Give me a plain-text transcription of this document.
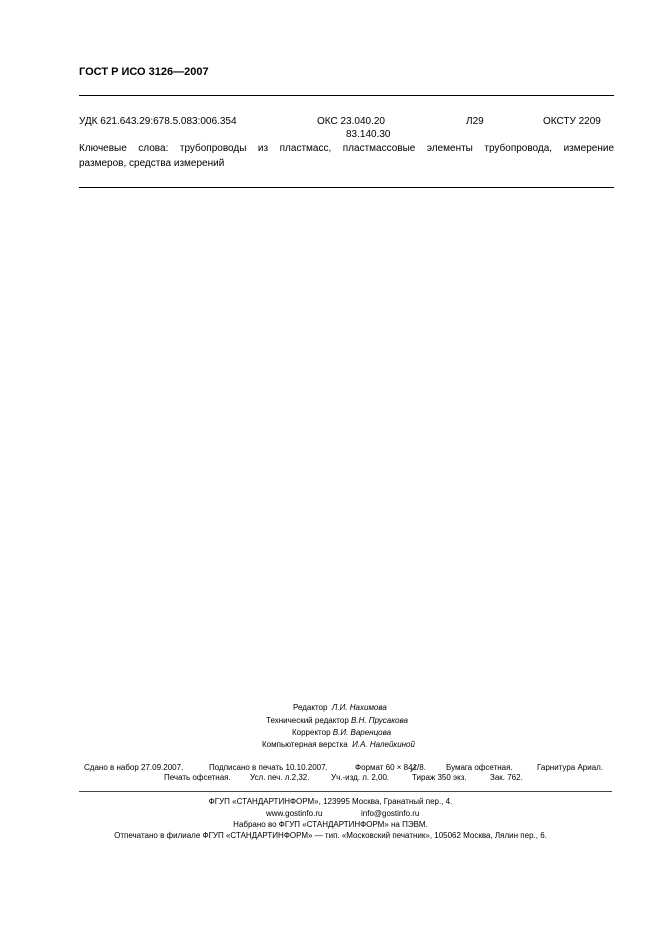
ГОСТ Р ИСО 3126—2007
УДК 621.643.29:678.5.083:006.354	ОКС 23.040.20
83.140.30
Л29	ОКСТУ 2209
Ключевые слова: трубопроводы из пластмасс, пластмассовые элементы трубопровода, измерение
размеров, средства измерений
Редактор Л.И. Нахимова
Технический редактор В.Н. Прусакова
Корректор В.И. Варенцова
Компьютерная верстка И.А. Налейкиной
Сдано в набор 27.09.2007.	Подписано в печать 10.10.2007.	Формат 60 × 841/8.	Бумага офсетная.	Гарнитура Ариал.
Печать офсетная. Усл. печ. л.2,32.	Уч.-изд. л. 2,00.	Тираж 350 экз.	Зак. 762.
ФГУП «СТАНДАРТИНФОРМ», 123995 Москва, Гранатный пер., 4.
www.gostinfo.ru	info@gostinfo.ru
Набрано во ФГУП «СТАНДАРТИНФОРМ» на ПЭВМ.
Отпечатано в филиале ФГУП «СТАНДАРТИНФОРМ» — тип. «Московский печатник», 105062 Москва, Лялин пер., 6.
